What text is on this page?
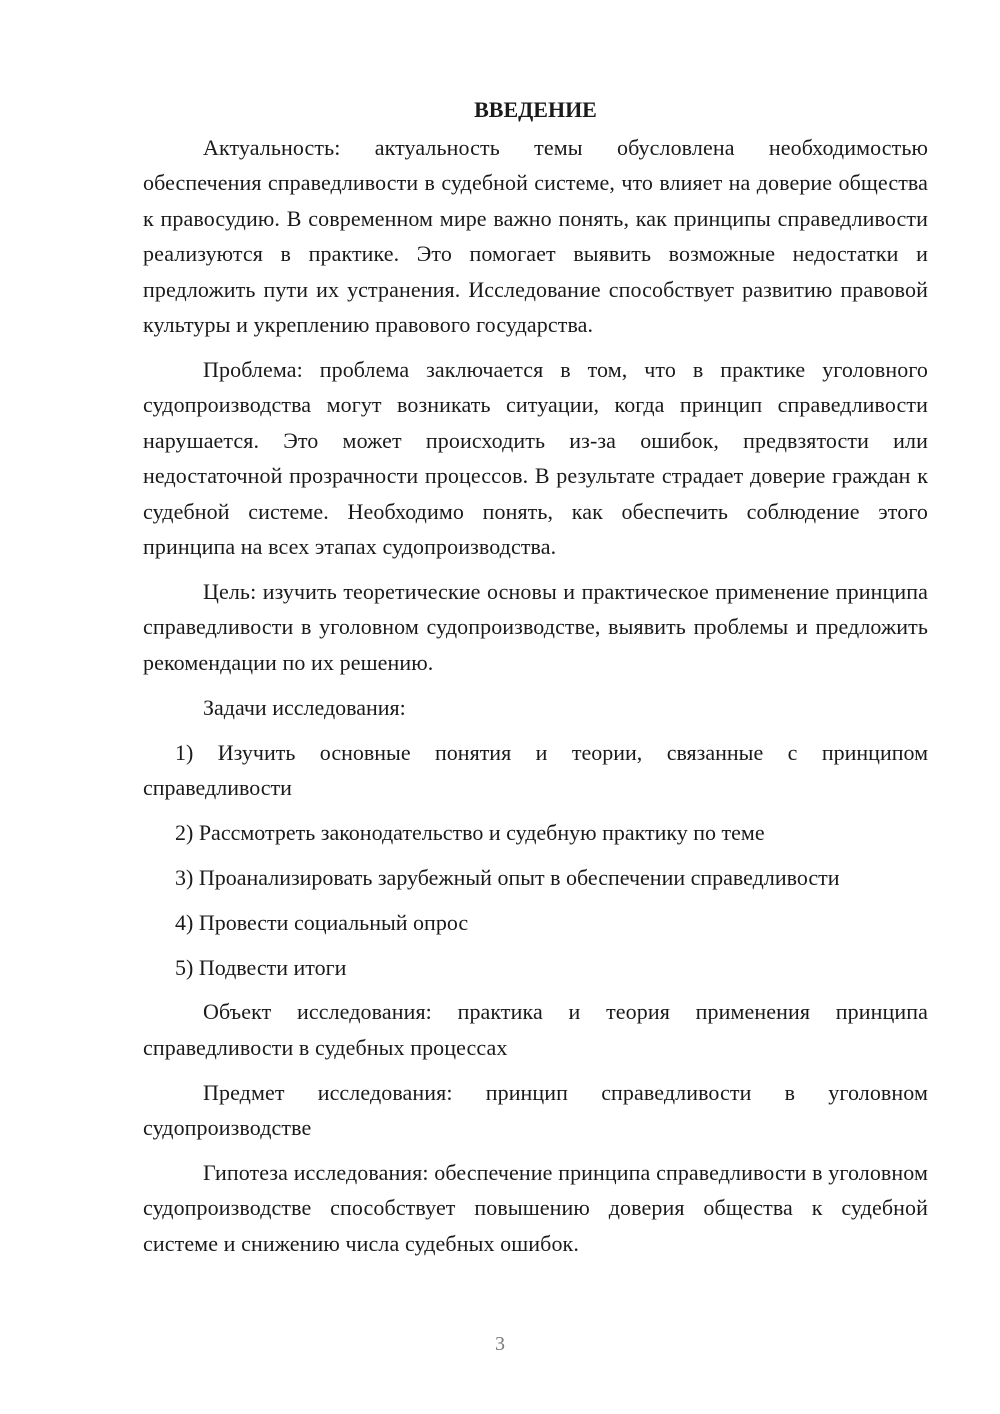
ВВЕДЕНИЕ

Актуальность: актуальность темы обусловлена необходимостью обеспечения справедливости в судебной системе, что влияет на доверие общества к правосудию. В современном мире важно понять, как принципы справедливости реализуются в практике. Это помогает выявить возможные недостатки и предложить пути их устранения. Исследование способствует развитию правовой культуры и укреплению правового государства.

Проблема: проблема заключается в том, что в практике уголовного судопроизводства могут возникать ситуации, когда принцип справедливости нарушается. Это может происходить из-за ошибок, предвзятости или недостаточной прозрачности процессов. В результате страдает доверие граждан к судебной системе. Необходимо понять, как обеспечить соблюдение этого принципа на всех этапах судопроизводства.

Цель: изучить теоретические основы и практическое применение принципа справедливости в уголовном судопроизводстве, выявить проблемы и предложить рекомендации по их решению.

Задачи исследования:

1) Изучить основные понятия и теории, связанные с принципом справедливости

2) Рассмотреть законодательство и судебную практику по теме

3) Проанализировать зарубежный опыт в обеспечении справедливости

4) Провести социальный опрос

5) Подвести итоги

Объект исследования: практика и теория применения принципа справедливости в судебных процессах

Предмет исследования: принцип справедливости в уголовном судопроизводстве

Гипотеза исследования: обеспечение принципа справедливости в уголовном судопроизводстве способствует повышению доверия общества к судебной системе и снижению числа судебных ошибок.

3
